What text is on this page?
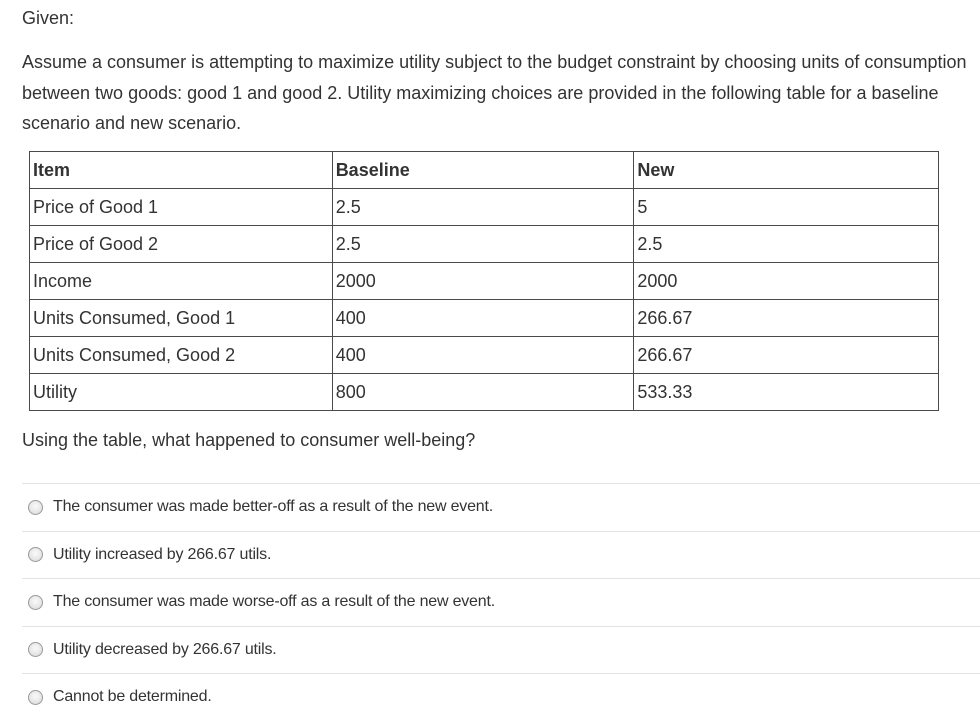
Given:

Assume a consumer is attempting to maximize utility subject to the budget constraint by choosing units of consumption between two goods: good 1 and good 2. Utility maximizing choices are provided in the following table for a baseline scenario and new scenario.

Item	Baseline	New
Price of Good 1	2.5	5
Price of Good 2	2.5	2.5
Income	2000	2000
Units Consumed, Good 1	400	266.67
Units Consumed, Good 2	400	266.67
Utility	800	533.33
Using the table, what happened to consumer well-being?
The consumer was made better-off as a result of the new event.
Utility increased by 266.67 utils.
The consumer was made worse-off as a result of the new event.
Utility decreased by 266.67 utils.
Cannot be determined.
